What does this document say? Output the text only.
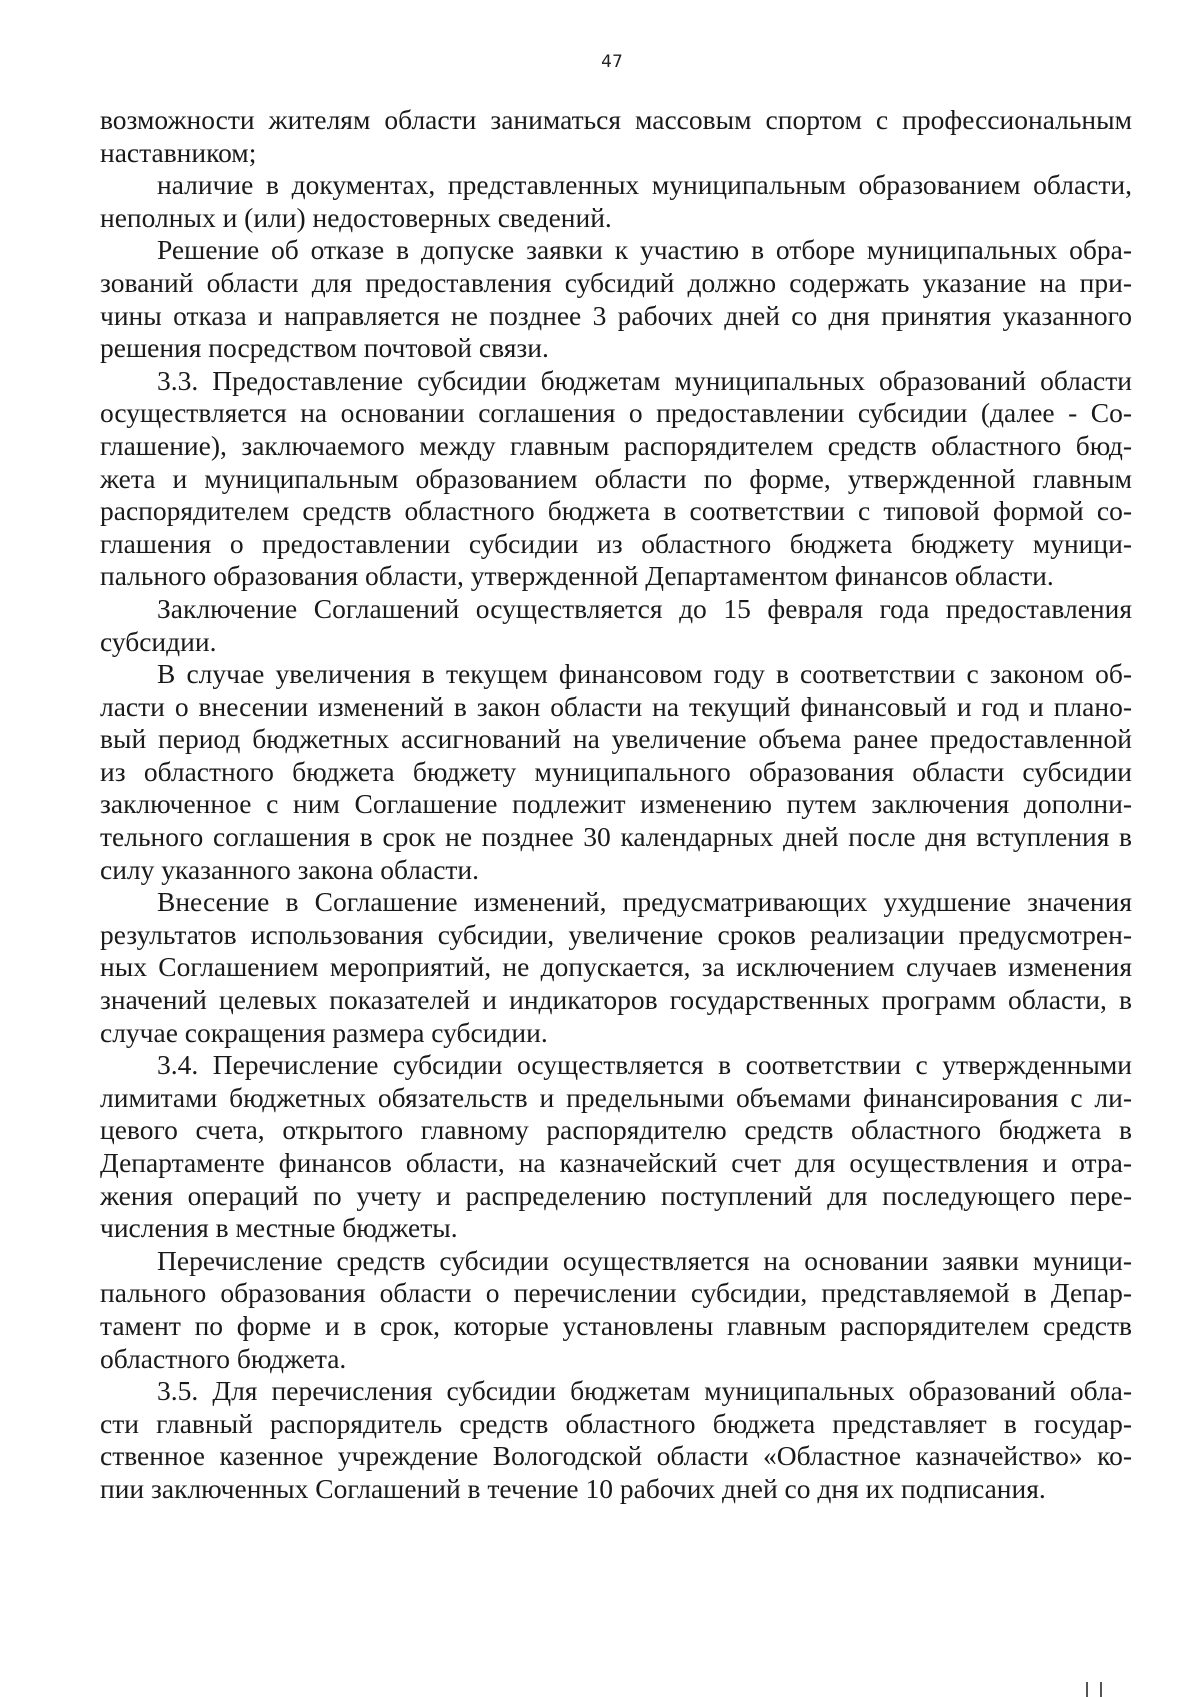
47
возможности жителям области заниматься массовым спортом с профессиональным
наставником;
наличие в документах, представленных муниципальным образованием области,
неполных и (или) недостоверных сведений.
Решение об отказе в допуске заявки к участию в отборе муниципальных обра-
зований области для предоставления субсидий должно содержать указание на при-
чины отказа и направляется не позднее 3 рабочих дней со дня принятия указанного
решения посредством почтовой связи.
3.3. Предоставление субсидии бюджетам муниципальных образований области
осуществляется на основании соглашения о предоставлении субсидии (далее - Со-
глашение), заключаемого между главным распорядителем средств областного бюд-
жета и муниципальным образованием области по форме, утвержденной главным
распорядителем средств областного бюджета в соответствии с типовой формой со-
глашения о предоставлении субсидии из областного бюджета бюджету муници-
пального образования области, утвержденной Департаментом финансов области.
Заключение Соглашений осуществляется до 15 февраля года предоставления
субсидии.
В случае увеличения в текущем финансовом году в соответствии с законом об-
ласти о внесении изменений в закон области на текущий финансовый и год и плано-
вый период бюджетных ассигнований на увеличение объема ранее предоставленной
из областного бюджета бюджету муниципального образования области субсидии
заключенное с ним Соглашение подлежит изменению путем заключения дополни-
тельного соглашения в срок не позднее 30 календарных дней после дня вступления в
силу указанного закона области.
Внесение в Соглашение изменений, предусматривающих ухудшение значения
результатов использования субсидии, увеличение сроков реализации предусмотрен-
ных Соглашением мероприятий, не допускается, за исключением случаев изменения
значений целевых показателей и индикаторов государственных программ области, в
случае сокращения размера субсидии.
3.4. Перечисление субсидии осуществляется в соответствии с утвержденными
лимитами бюджетных обязательств и предельными объемами финансирования с ли-
цевого счета, открытого главному распорядителю средств областного бюджета в
Департаменте финансов области, на казначейский счет для осуществления и отра-
жения операций по учету и распределению поступлений для последующего пере-
числения в местные бюджеты.
Перечисление средств субсидии осуществляется на основании заявки муници-
пального образования области о перечислении субсидии, представляемой в Депар-
тамент по форме и в срок, которые установлены главным распорядителем средств
областного бюджета.
3.5. Для перечисления субсидии бюджетам муниципальных образований обла-
сти главный распорядитель средств областного бюджета представляет в государ-
ственное казенное учреждение Вологодской области «Областное казначейство» ко-
пии заключенных Соглашений в течение 10 рабочих дней со дня их подписания.
